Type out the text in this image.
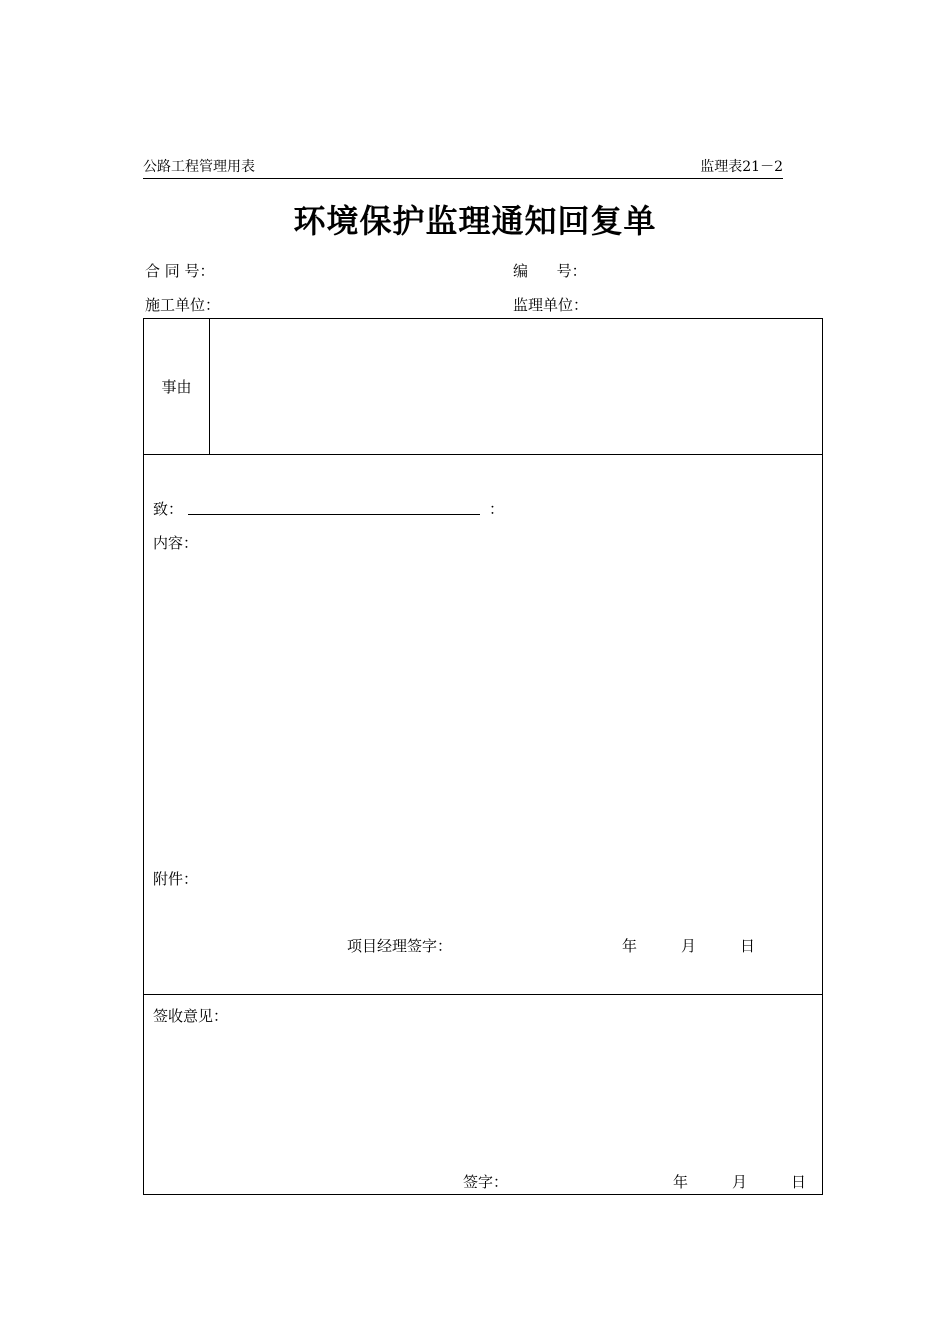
公路工程管理用表	监理表21－2
环境保护监理通知回复单
合 同 号：	编      号：
施工单位：	监理单位：
事由
致：	：
内容：
附件：
项目经理签字：	年	月	日
签收意见：
签字：	年	月	日
